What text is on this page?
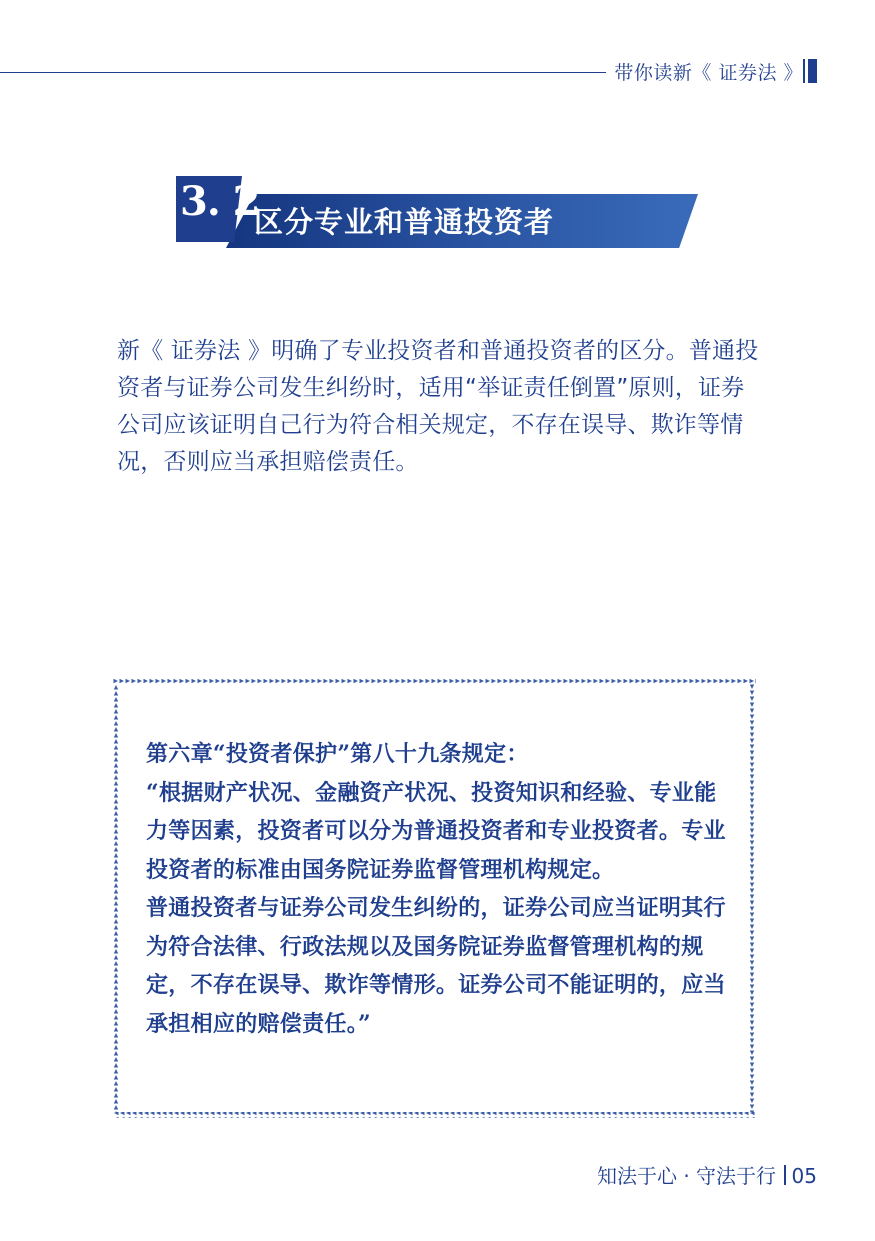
带你读新《 证券法 》
3. 2
区分专业和普通投资者
新《 证券法 》明确了专业投资者和普通投资者的区分。普通投资者与证券公司发生纠纷时，适用“举证责任倒置”原则，证券公司应该证明自己行为符合相关规定，不存在误导、欺诈等情况，否则应当承担赔偿责任。

第六章“投资者保护”第八十九条规定：

“根据财产状况、金融资产状况、投资知识和经验、专业能力等因素，投资者可以分为普通投资者和专业投资者。专业投资者的标准由国务院证券监督管理机构规定。

普通投资者与证券公司发生纠纷的，证券公司应当证明其行为符合法律、行政法规以及国务院证券监督管理机构的规定，不存在误导、欺诈等情形。证券公司不能证明的，应当承担相应的赔偿责任。”

知法于心 · 守法于行 05
